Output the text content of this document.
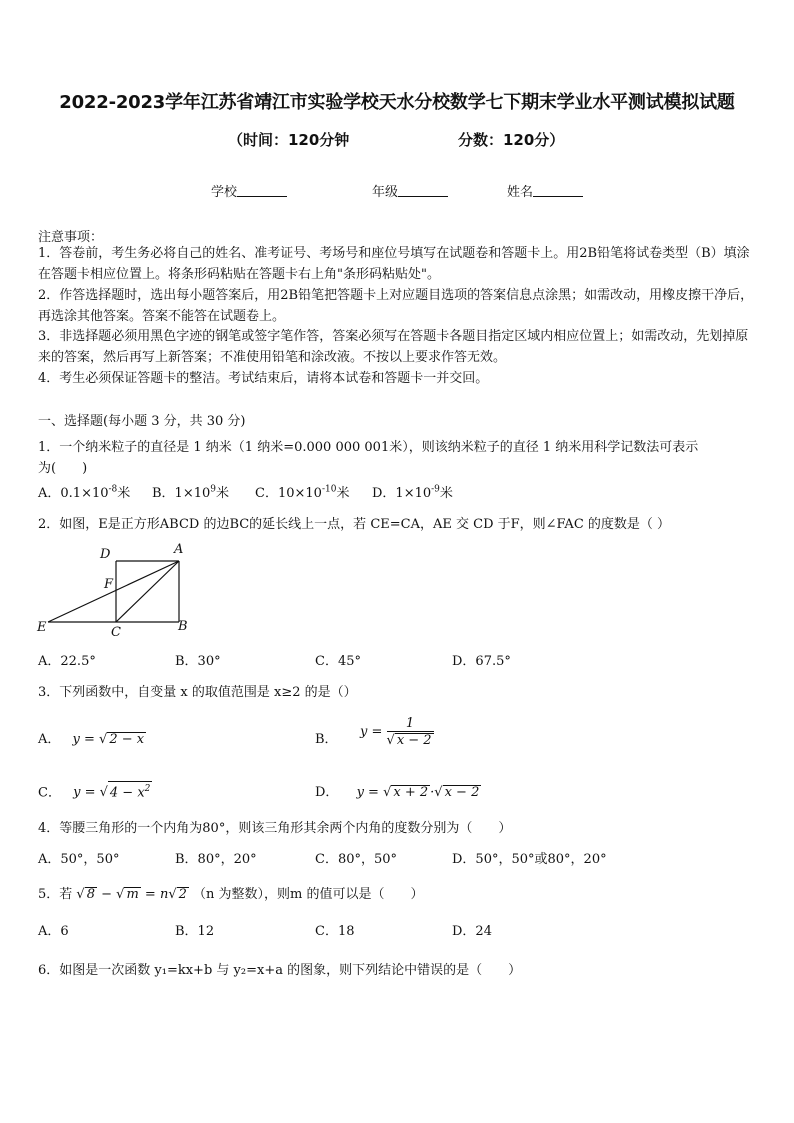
2022-2023学年江苏省靖江市实验学校天水分校数学七下期末学业水平测试模拟试题
（时间：120分钟	分数：120分）
学校	年级	姓名
注意事项：
1．答卷前，考生务必将自己的姓名、准考证号、考场号和座位号填写在试题卷和答题卡上。用2B铅笔将试卷类型（B）填涂在答题卡相应位置上。将条形码粘贴在答题卡右上角"条形码粘贴处"。
2．作答选择题时，选出每小题答案后，用2B铅笔把答题卡上对应题目选项的答案信息点涂黑；如需改动，用橡皮擦干净后，再选涂其他答案。答案不能答在试题卷上。
3．非选择题必须用黑色字迹的钢笔或签字笔作答，答案必须写在答题卡各题目指定区域内相应位置上；如需改动，先划掉原来的答案，然后再写上新答案；不准使用铅笔和涂改液。不按以上要求作答无效。
4．考生必须保证答题卡的整洁。考试结束后，请将本试卷和答题卡一并交回。
一、选择题(每小题 3 分，共 30 分)
1．一个纳米粒子的直径是 1 纳米（1 纳米=0.000 000 001米），则该纳米粒子的直径 1 纳米用科学记数法可表示
为(　　)
A．$0.1\times 10^{-8}$米 B．$1\times 10^9$米 C．$10\times 10^{-10}$米 D．$1\times 10^{-9}$米
2．如图，E是正方形ABCD 的边BC的延长线上一点，若 CE=CA，AE 交 CD 于F，则∠FAC 的度数是（ ）
D	A
F
E	C	B
A．22.5°	B．30°	C．45°	D．67.5°
3．下列函数中，自变量 x 的取值范围是 x≥2 的是（）
A． y = √ 2 − x	B． $y = \frac{1}{√ x - 2}$
C． y = √ $4 - x^2$	D． y = √ x + 2 ·√ x − 2
4．等腰三角形的一个内角为80°，则该三角形其余两个内角的度数分别为（　　）
A．50°，50°	B．80°，20°	C．80°，50°	D．50°，50°或80°，20°
5．若 √ 8 − √ m = n√ 2 （n 为整数），则m 的值可以是（　　）
A．6	B．12	C．18	D．24
6．如图是一次函数 y₁=kx+b 与 y₂=x+a 的图象，则下列结论中错误的是（　　）
